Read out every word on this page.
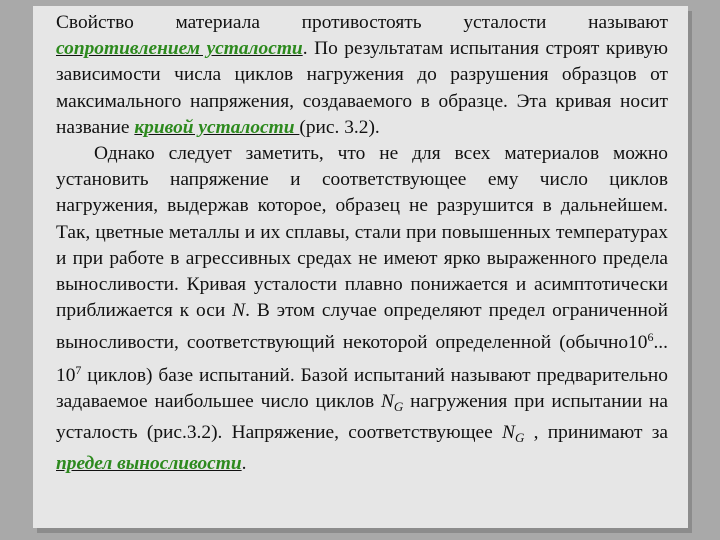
Свойство материала противостоять усталости называют сопротивлением усталости. По результатам испытания строят кривую зависимости числа циклов нагружения до разрушения образцов от максимального напряжения, создаваемого в образце. Эта кривая носит название кривой усталости (рис. 3.2).

Однако следует заметить, что не для всех материалов можно установить напряжение и соответствующее ему число циклов нагружения, выдержав которое, образец не разрушится в дальнейшем. Так, цветные металлы и их сплавы, стали при повышенных температурах и при работе в агрессивных средах не имеют ярко выраженного предела выносливости. Кривая усталости плавно понижается и асимптотически приближается к оси N. В этом случае определяют предел ограниченной выносливости, соответствующий некоторой определенной ($обычно10^6$... $10^7$ циклов) базе испытаний. Базой испытаний называют предварительно задаваемое наибольшее число циклов $N_G$ нагружения при испытании на усталость (рис.3.2). Напряжение, соответствующее $N_G$ , принимают за предел выносливости.
